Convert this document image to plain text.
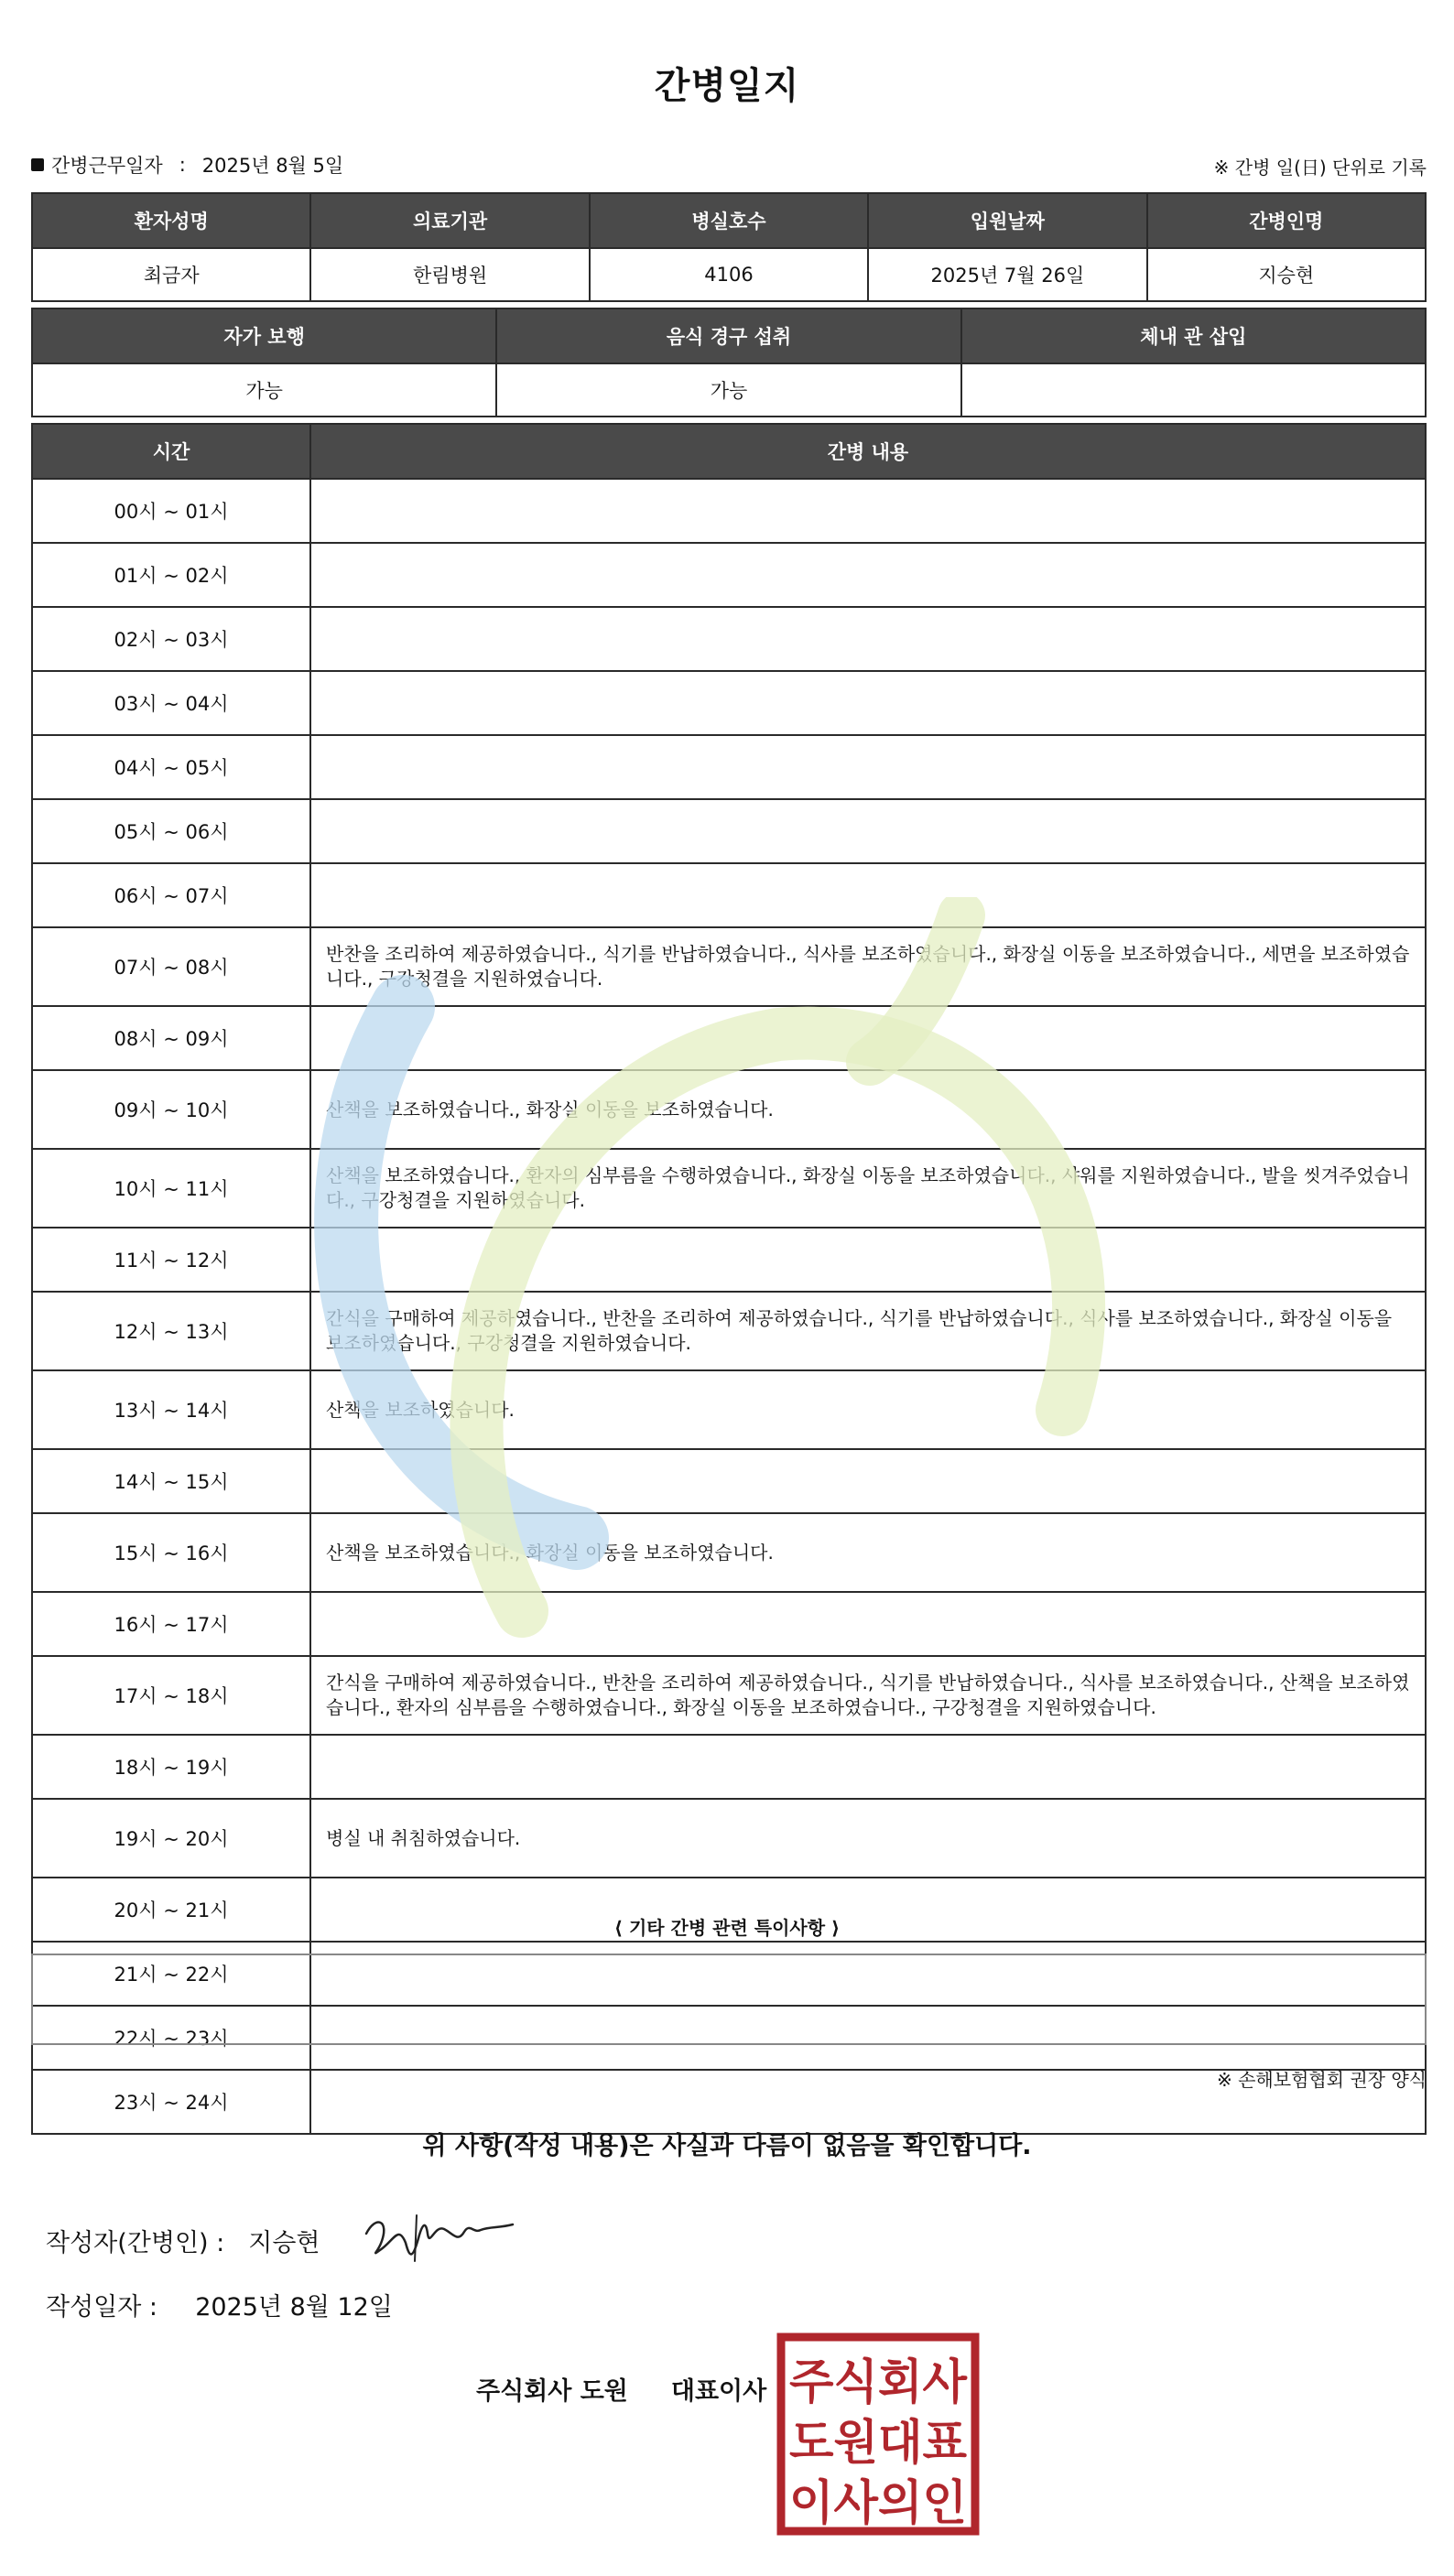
간병일지
간병근무일자 : 2025년 8월 5일	※ 간병 일(日) 단위로 기록
환자성명	의료기관	병실호수	입원날짜	간병인명
최금자	한림병원	4106	2025년 7월 26일	지승현
자가 보행	음식 경구 섭취	체내 관 삽입
가능	가능	
시간	간병 내용
00시 ~ 01시	
01시 ~ 02시	
02시 ~ 03시	
03시 ~ 04시	
04시 ~ 05시	
05시 ~ 06시	
06시 ~ 07시	
07시 ~ 08시	반찬을 조리하여 제공하였습니다., 식기를 반납하였습니다., 식사를 보조하였습니다., 화장실 이동을 보조하였습니다., 세면을 보조하였습니다., 구강청결을 지원하였습니다.
08시 ~ 09시	
09시 ~ 10시	산책을 보조하였습니다., 화장실 이동을 보조하였습니다.
10시 ~ 11시	산책을 보조하였습니다., 환자의 심부름을 수행하였습니다., 화장실 이동을 보조하였습니다., 샤워를 지원하였습니다., 발을 씻겨주었습니다., 구강청결을 지원하였습니다.
11시 ~ 12시	
12시 ~ 13시	간식을 구매하여 제공하였습니다., 반찬을 조리하여 제공하였습니다., 식기를 반납하였습니다., 식사를 보조하였습니다., 화장실 이동을 보조하였습니다., 구강청결을 지원하였습니다.
13시 ~ 14시	산책을 보조하였습니다.
14시 ~ 15시	
15시 ~ 16시	산책을 보조하였습니다., 화장실 이동을 보조하였습니다.
16시 ~ 17시	
17시 ~ 18시	간식을 구매하여 제공하였습니다., 반찬을 조리하여 제공하였습니다., 식기를 반납하였습니다., 식사를 보조하였습니다., 산책을 보조하였습니다., 환자의 심부름을 수행하였습니다., 화장실 이동을 보조하였습니다., 구강청결을 지원하였습니다.
18시 ~ 19시	
19시 ~ 20시	병실 내 취침하였습니다.
20시 ~ 21시	
21시 ~ 22시	
22시 ~ 23시	
23시 ~ 24시	
⟨ 기타 간병 관련 특이사항 ⟩
※ 손해보험협회 권장 양식
위 사항(작성 내용)은 사실과 다름이 없음을 확인합니다.
작성자(간병인) : 지승현
작성일자 : 2025년 8월 12일
주식회사 도원     대표이사 주식회사
도원대표
이사의인
